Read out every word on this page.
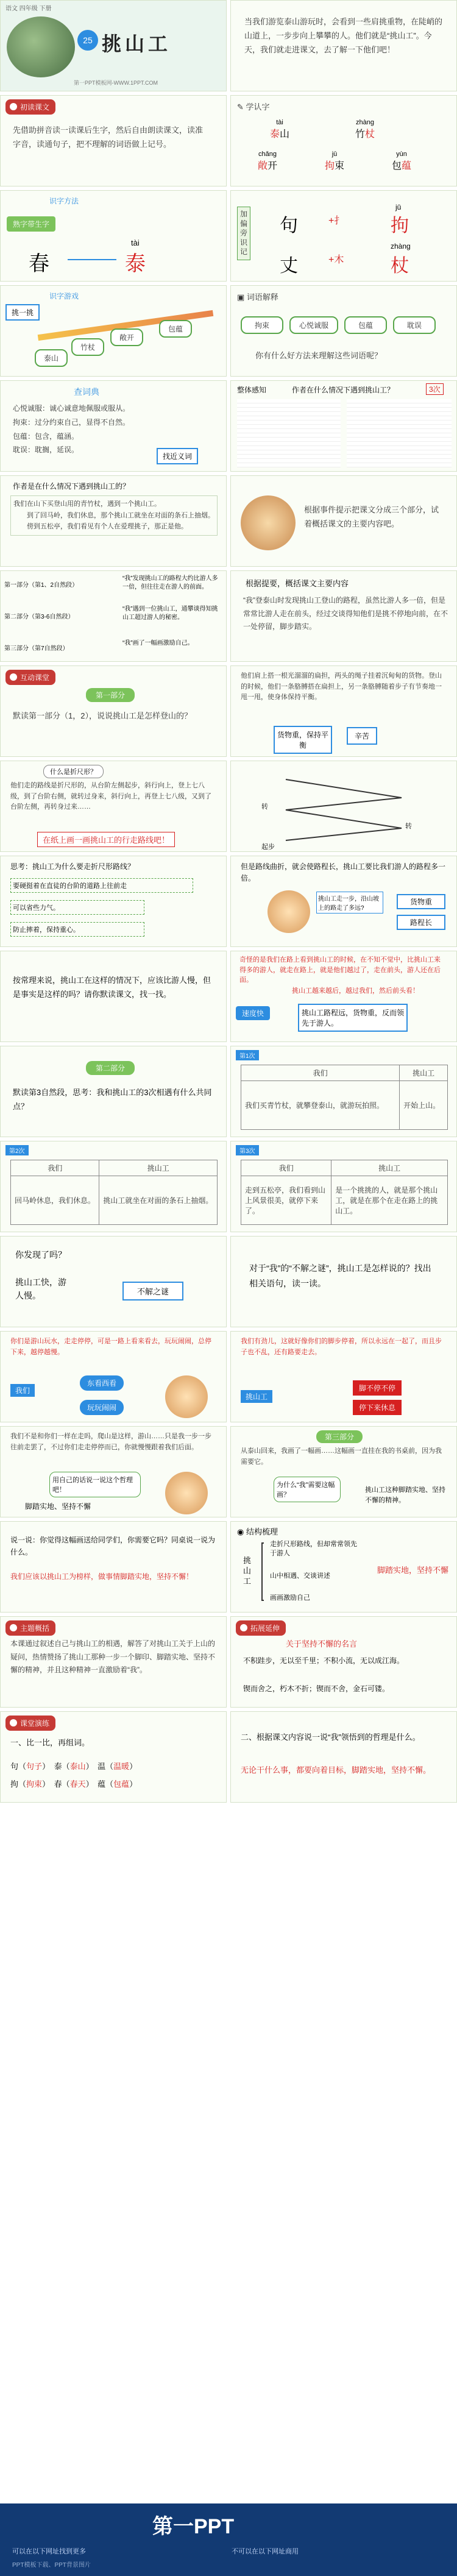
语文 四年级 下册
25 挑山工
第一PPT模板网-WWW.1PPT.COM
当我们游览泰山游玩时，会看到一些肩挑重物，在陡峭的山道上，一步步向上攀攀的人。他们就是“挑山工”。今天，我们就走进课文，去了解一下他们吧！
初读课文
先借助拼音读一读课后生字，然后自由朗读课文，读准字音，读通句子，把不理解的词语做上记号。
✎ 学认字
tài
泰山
zhàng
竹杖
chǎng
敞开
jū
拘束
yùn
包蕴
识字方法
熟字带生字
tài
春	泰
加偏旁识记
jū
句	+扌	拘
zhàng
丈	+木	杖
识字游戏
挑一挑
泰山
竹杖
敞开
包蕴
▣ 词语解释
拘束	心悦诚服	包蕴	耽误
你有什么好方法来理解这些词语呢？
查词典
心悦诚服：诚心诚意地佩服或服从。
拘束：过分约束自己，显得不自然。
包蕴：包含，蕴涵。
耽误：耽搁，延误。
找近义词
整体感知	作者在什么情况下遇到挑山工？	3次
作者是在什么情况下遇到挑山工的？
我们在山下买登山用的青竹杖，遇到一个挑山工。
　　到了回马岭，我们休息，那个挑山工就坐在对面的条石上抽烟。
　　傍到五松亭，我们看见有个人在爱理挑子，那正是他。
根据事件提示把课文分成三个部分，试着概括课文的主要内容吧。
第一部分（第1、2自然段）
“我”发现挑山工的路程大约比游人多一倍，但往往走在游人的前面。
第二部分（第3-6自然段）
“我”遇到一位挑山工，通攀谈得知挑山工超过游人的秘密。
第三部分（第7自然段）
“我”画了一幅画激励自己。
根据提要，概括课文主要内容
“我”登泰山时发现挑山工登山的路程，虽然比游人多一倍，但是常常比游人走在前头，经过交谈得知他们是挑不停地向前，在不一处停留，脚步踏实。
互动课堂
第一部分
默读第一部分（1，2），说说挑山工是怎样登山的？
他们肩上搭一根光溜溜的扁担，两头的绳子挂着沉甸甸的货物。登山的时候，他们一条胳膊搭在扁担上，另一条胳膊随着步子有节奏地一甩一甩，使身体保持平衡。
货物重，保持平衡
辛苦
什么是折尺形？
他们走的路线是折尺形的，从台阶左侧起步，斜行向上，登上七八级，到了台阶右侧，就转过身来，斜行向上，再登上七八级，又到了台阶左侧，再转身过来……
在纸上画一画挑山工的行走路线吧！
起步
转
转
思考：挑山工为什么要走折尺形路线？
要硬挺着在直徒的台阶的道路上往前走
可以省些力气。
防止摔着，保持重心。
但是路线曲折，就会使路程长，挑山工要比我们游人的路程多一倍。
挑山工走一步，沿山坡上的路走了多远?
货物重
路程长
按常理来说，挑山工在这样的情况下，应该比游人慢，但是事实是这样的吗？请你默读课文，找一找。
奇怪的是我们在路上看到挑山工的时候，在不知不觉中，比挑山工来得多的游人，就走在路上，就是他们越过了，走在前头，游人还在后面。
挑山工越来越后，越过我们，然后前头看！
速度快	挑山工路程远，货物重，反而领先于游人。
第二部分
默读第3自然段，思考：我和挑山工的3次相遇有什么共同点？
第1次
我们	挑山工
我们买青竹杖，就攀登泰山，就游玩拍照。	开始上山。
第2次
我们	挑山工
回马岭休息，我们休息。	挑山工就坐在对面的条石上抽烟。
第3次
我们	挑山工
走到五松亭，我们看到山上风景很美，就停下来了。	是一个挑挑的人，就是那个挑山工，就是在那个在走在路上的挑山工。
你发现了吗？
挑山工快，游人慢。	不解之谜
对于“我”的“不解之谜”，挑山工是怎样说的？找出相关语句，读一读。
你们是游山玩水，走走停停，可是一路上看来看去，玩玩闹闹，总停下来，越停越慢。
我们
东看西看
玩玩闹闹
我们有劲儿，这就好像你们的脚步停着，所以永远在一起了，而且步子也不乱，还有路要走去。
挑山工
脚不停不停
停下来休息
我们不是和你们一样在走吗，爬山是这样，游山……只是我一步一步往前走罢了，不过你们走走停停而已，你就慢慢跟着我们后面。
用自己的话说一说这个哲理吧！
脚踏实地、坚持不懈
第三部分
从泰山回来，我画了一幅画……这幅画一直挂在我的书桌前，因为我需要它。
为什么“我”需要这幅画？
挑山工这种脚踏实地、坚持不懈的精神。
说一说：你觉得这幅画送给同学们，你需要它吗？同桌说一说为什么。
我们应该以挑山工为榜样，做事情脚踏实地，坚持不懈！
◉ 结构梳理
挑山工
走折尺形路线，但却常常领先于游人
山中相遇、交谈讲述
画画激励自己
脚踏实地，坚持不懈
主题概括
本课通过叙述自己与挑山工的相遇，解答了对挑山工关于上山的疑问，热情赞扬了挑山工那种一步一个脚印、脚踏实地、坚持不懈的精神，并且这种精神一直激励着“我”。
拓展延伸
关于坚持不懈的名言
不积跬步，无以至千里；不积小流，无以成江海。
锲而舍之，朽木不折；锲而不舍，金石可镂。
课堂演练
一、比一比，再组词。
句（句子）　泰（泰山）　温（温暖）
拘（拘束）　春（春天）　蕴（包蕴）
二、根据课文内容说一说“我”领悟到的哲理是什么。
无论干什么事，都要向着目标，脚踏实地，坚持不懈。
第一PPT
可以在以下网址找到更多	不可以在以下网址商用
PPT模板下载、PPT背景图片
